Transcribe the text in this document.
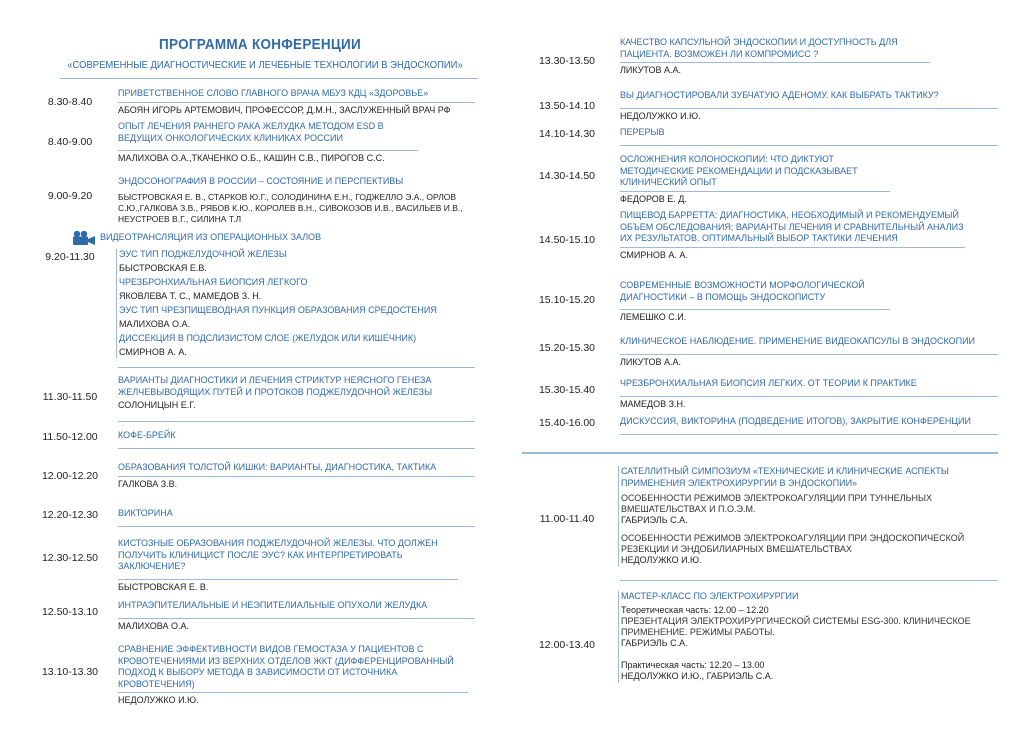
ПРОГРАММА КОНФЕРЕНЦИИ
«СОВРЕМЕННЫЕ ДИАГНОСТИЧЕСКИЕ И ЛЕЧЕБНЫЕ ТЕХНОЛОГИИ В ЭНДОСКОПИИ»
8.30-8.40
ПРИВЕТСТВЕННОЕ СЛОВО ГЛАВНОГО ВРАЧА МБУЗ КДЦ «ЗДОРОВЬЕ»
АБОЯН ИГОРЬ АРТЕМОВИЧ, ПРОФЕССОР, Д.М.Н., ЗАСЛУЖЕННЫЙ ВРАЧ РФ
8.40-9.00
ОПЫТ ЛЕЧЕНИЯ РАННЕГО РАКА ЖЕЛУДКА МЕТОДОМ ESD В ВЕДУЩИХ ОНКОЛОГИЧЕСКИХ КЛИНИКАХ РОССИИ
МАЛИХОВА О.А.,ТКАЧЕНКО О.Б., КАШИН С.В., ПИРОГОВ С.С.
9.00-9.20
ЭНДОСОНОГРАФИЯ В РОССИИ – СОСТОЯНИЕ И ПЕРСПЕКТИВЫ
БЫСТРОВСКАЯ Е. В., СТАРКОВ Ю.Г., СОЛОДИНИНА Е.Н., ГОДЖЕЛЛО Э.А., ОРЛОВ С.Ю.,ГАЛКОВА З.В., РЯБОВ К.Ю., КОРОЛЕВ В.Н., СИВОКОЗОВ И.В., ВАСИЛЬЕВ И.В., НЕУСТРОЕВ В.Г., СИЛИНА Т.Л
ВИДЕОТРАНСЛЯЦИЯ ИЗ ОПЕРАЦИОННЫХ ЗАЛОВ
9.20-11.30	ЭУС ТИП ПОДЖЕЛУДОЧНОЙ ЖЕЛЕЗЫ
БЫСТРОВСКАЯ Е.В.
ЧРЕЗБРОНХИАЛЬНАЯ БИОПСИЯ ЛЕГКОГО
ЯКОВЛЕВА Т. С., МАМЕДОВ З. Н.
ЭУС ТИП ЧРЕЗПИЩЕВОДНАЯ ПУНКЦИЯ ОБРАЗОВАНИЯ СРЕДОСТЕНИЯ
МАЛИХОВА О.А.
ДИССЕКЦИЯ В ПОДСЛИЗИСТОМ СЛОЕ (ЖЕЛУДОК ИЛИ КИШЕЧНИК)
СМИРНОВ А. А.
11.30-11.50
ВАРИАНТЫ ДИАГНОСТИКИ И ЛЕЧЕНИЯ СТРИКТУР НЕЯСНОГО ГЕНЕЗА ЖЕЛЧЕВЫВОДЯЩИХ ПУТЕЙ И ПРОТОКОВ ПОДЖЕЛУДОЧНОЙ ЖЕЛЕЗЫ
СОЛОНИЦЫН Е.Г.
11.50-12.00	КОФЕ-БРЕЙК
12.00-12.20
ОБРАЗОВАНИЯ ТОЛСТОЙ КИШКИ: ВАРИАНТЫ, ДИАГНОСТИКА, ТАКТИКА
ГАЛКОВА З.В.
12.20-12.30	ВИКТОРИНА
12.30-12.50
КИСТОЗНЫЕ ОБРАЗОВАНИЯ ПОДЖЕЛУДОЧНОЙ ЖЕЛЕЗЫ. ЧТО ДОЛЖЕН ПОЛУЧИТЬ КЛИНИЦИСТ ПОСЛЕ ЭУС? КАК ИНТЕРПРЕТИРОВАТЬ ЗАКЛЮЧЕНИЕ?
БЫСТРОВСКАЯ Е. В.
12.50-13.10
ИНТРАЭПИТЕЛИАЛЬНЫЕ И НЕЭПИТЕЛИАЛЬНЫЕ ОПУХОЛИ ЖЕЛУДКА
МАЛИХОВА О.А.
13.10-13.30
СРАВНЕНИЕ ЭФФЕКТИВНОСТИ ВИДОВ ГЕМОСТАЗА У ПАЦИЕНТОВ С КРОВОТЕЧЕНИЯМИ ИЗ ВЕРХНИХ ОТДЕЛОВ ЖКТ (ДИФФЕРЕНЦИРОВАННЫЙ ПОДХОД К ВЫБОРУ МЕТОДА В ЗАВИСИМОСТИ ОТ ИСТОЧНИКА КРОВОТЕЧЕНИЯ)
НЕДОЛУЖКО И.Ю.
13.30-13.50
КАЧЕСТВО КАПСУЛЬНОЙ ЭНДОСКОПИИ И ДОСТУПНОСТЬ ДЛЯ ПАЦИЕНТА. ВОЗМОЖЕН ЛИ КОМПРОМИСС ?
ЛИКУТОВ А.А.
13.50-14.10
ВЫ ДИАГНОСТИРОВАЛИ ЗУБЧАТУЮ АДЕНОМУ. КАК ВЫБРАТЬ ТАКТИКУ?
НЕДОЛУЖКО И.Ю.
14.10-14.30	ПЕРЕРЫВ
14.30-14.50
ОСЛОЖНЕНИЯ КОЛОНОСКОПИИ: ЧТО ДИКТУЮТ МЕТОДИЧЕСКИЕ РЕКОМЕНДАЦИИ И ПОДСКАЗЫВАЕТ КЛИНИЧЕСКИЙ ОПЫТ
ФЕДОРОВ Е. Д.
14.50-15.10
ПИЩЕВОД БАРРЕТТА: ДИАГНОСТИКА, НЕОБХОДИМЫЙ И РЕКОМЕНДУЕМЫЙ ОБЪЕМ ОБСЛЕДОВАНИЯ; ВАРИАНТЫ ЛЕЧЕНИЯ И СРАВНИТЕЛЬНЫЙ АНАЛИЗ ИХ РЕЗУЛЬТАТОВ. ОПТИМАЛЬНЫЙ ВЫБОР ТАКТИКИ ЛЕЧЕНИЯ
СМИРНОВ А. А.
15.10-15.20
СОВРЕМЕННЫЕ ВОЗМОЖНОСТИ МОРФОЛОГИЧЕСКОЙ ДИАГНОСТИКИ – В ПОМОЩЬ ЭНДОСКОПИСТУ
ЛЕМЕШКО С.И.
15.20-15.30
КЛИНИЧЕСКОЕ НАБЛЮДЕНИЕ. ПРИМЕНЕНИЕ ВИДЕОКАПСУЛЫ В ЭНДОСКОПИИ
ЛИКУТОВ А.А.
15.30-15.40
ЧРЕЗБРОНХИАЛЬНАЯ БИОПСИЯ ЛЕГКИХ. ОТ ТЕОРИИ К ПРАКТИКЕ
МАМЕДОВ З.Н.
15.40-16.00	ДИСКУССИЯ, ВИКТОРИНА (ПОДВЕДЕНИЕ ИТОГОВ), ЗАКРЫТИЕ КОНФЕРЕНЦИИ
11.00-11.40
САТЕЛЛИТНЫЙ СИМПОЗИУМ «ТЕХНИЧЕСКИЕ И КЛИНИЧЕСКИЕ АСПЕКТЫ ПРИМЕНЕНИЯ ЭЛЕКТРОХИРУРГИИ В ЭНДОСКОПИИ»
ОСОБЕННОСТИ РЕЖИМОВ ЭЛЕКТРОКОАГУЛЯЦИИ ПРИ ТУННЕЛЬНЫХ ВМЕШАТЕЛЬСТВАХ И П.О.Э.М.
ГАБРИЭЛЬ С.А.
ОСОБЕННОСТИ РЕЖИМОВ ЭЛЕКТРОКОАГУЛЯЦИИ ПРИ ЭНДОСКОПИЧЕСКОЙ РЕЗЕКЦИИ И ЭНДОБИЛИАРНЫХ ВМЕШАТЕЛЬСТВАХ
НЕДОЛУЖКО И.Ю.
12.00-13.40
МАСТЕР-КЛАСС ПО ЭЛЕКТРОХИРУРГИИ
Теоретическая часть: 12.00 – 12.20
ПРЕЗЕНТАЦИЯ ЭЛЕКТРОХИРУРГИЧЕСКОЙ СИСТЕМЫ ESG-300. КЛИНИЧЕСКОЕ ПРИМЕНЕНИЕ. РЕЖИМЫ РАБОТЫ.
ГАБРИЭЛЬ С.А.
Практическая часть: 12.20 – 13.00
НЕДОЛУЖКО И.Ю., ГАБРИЭЛЬ С.А.
